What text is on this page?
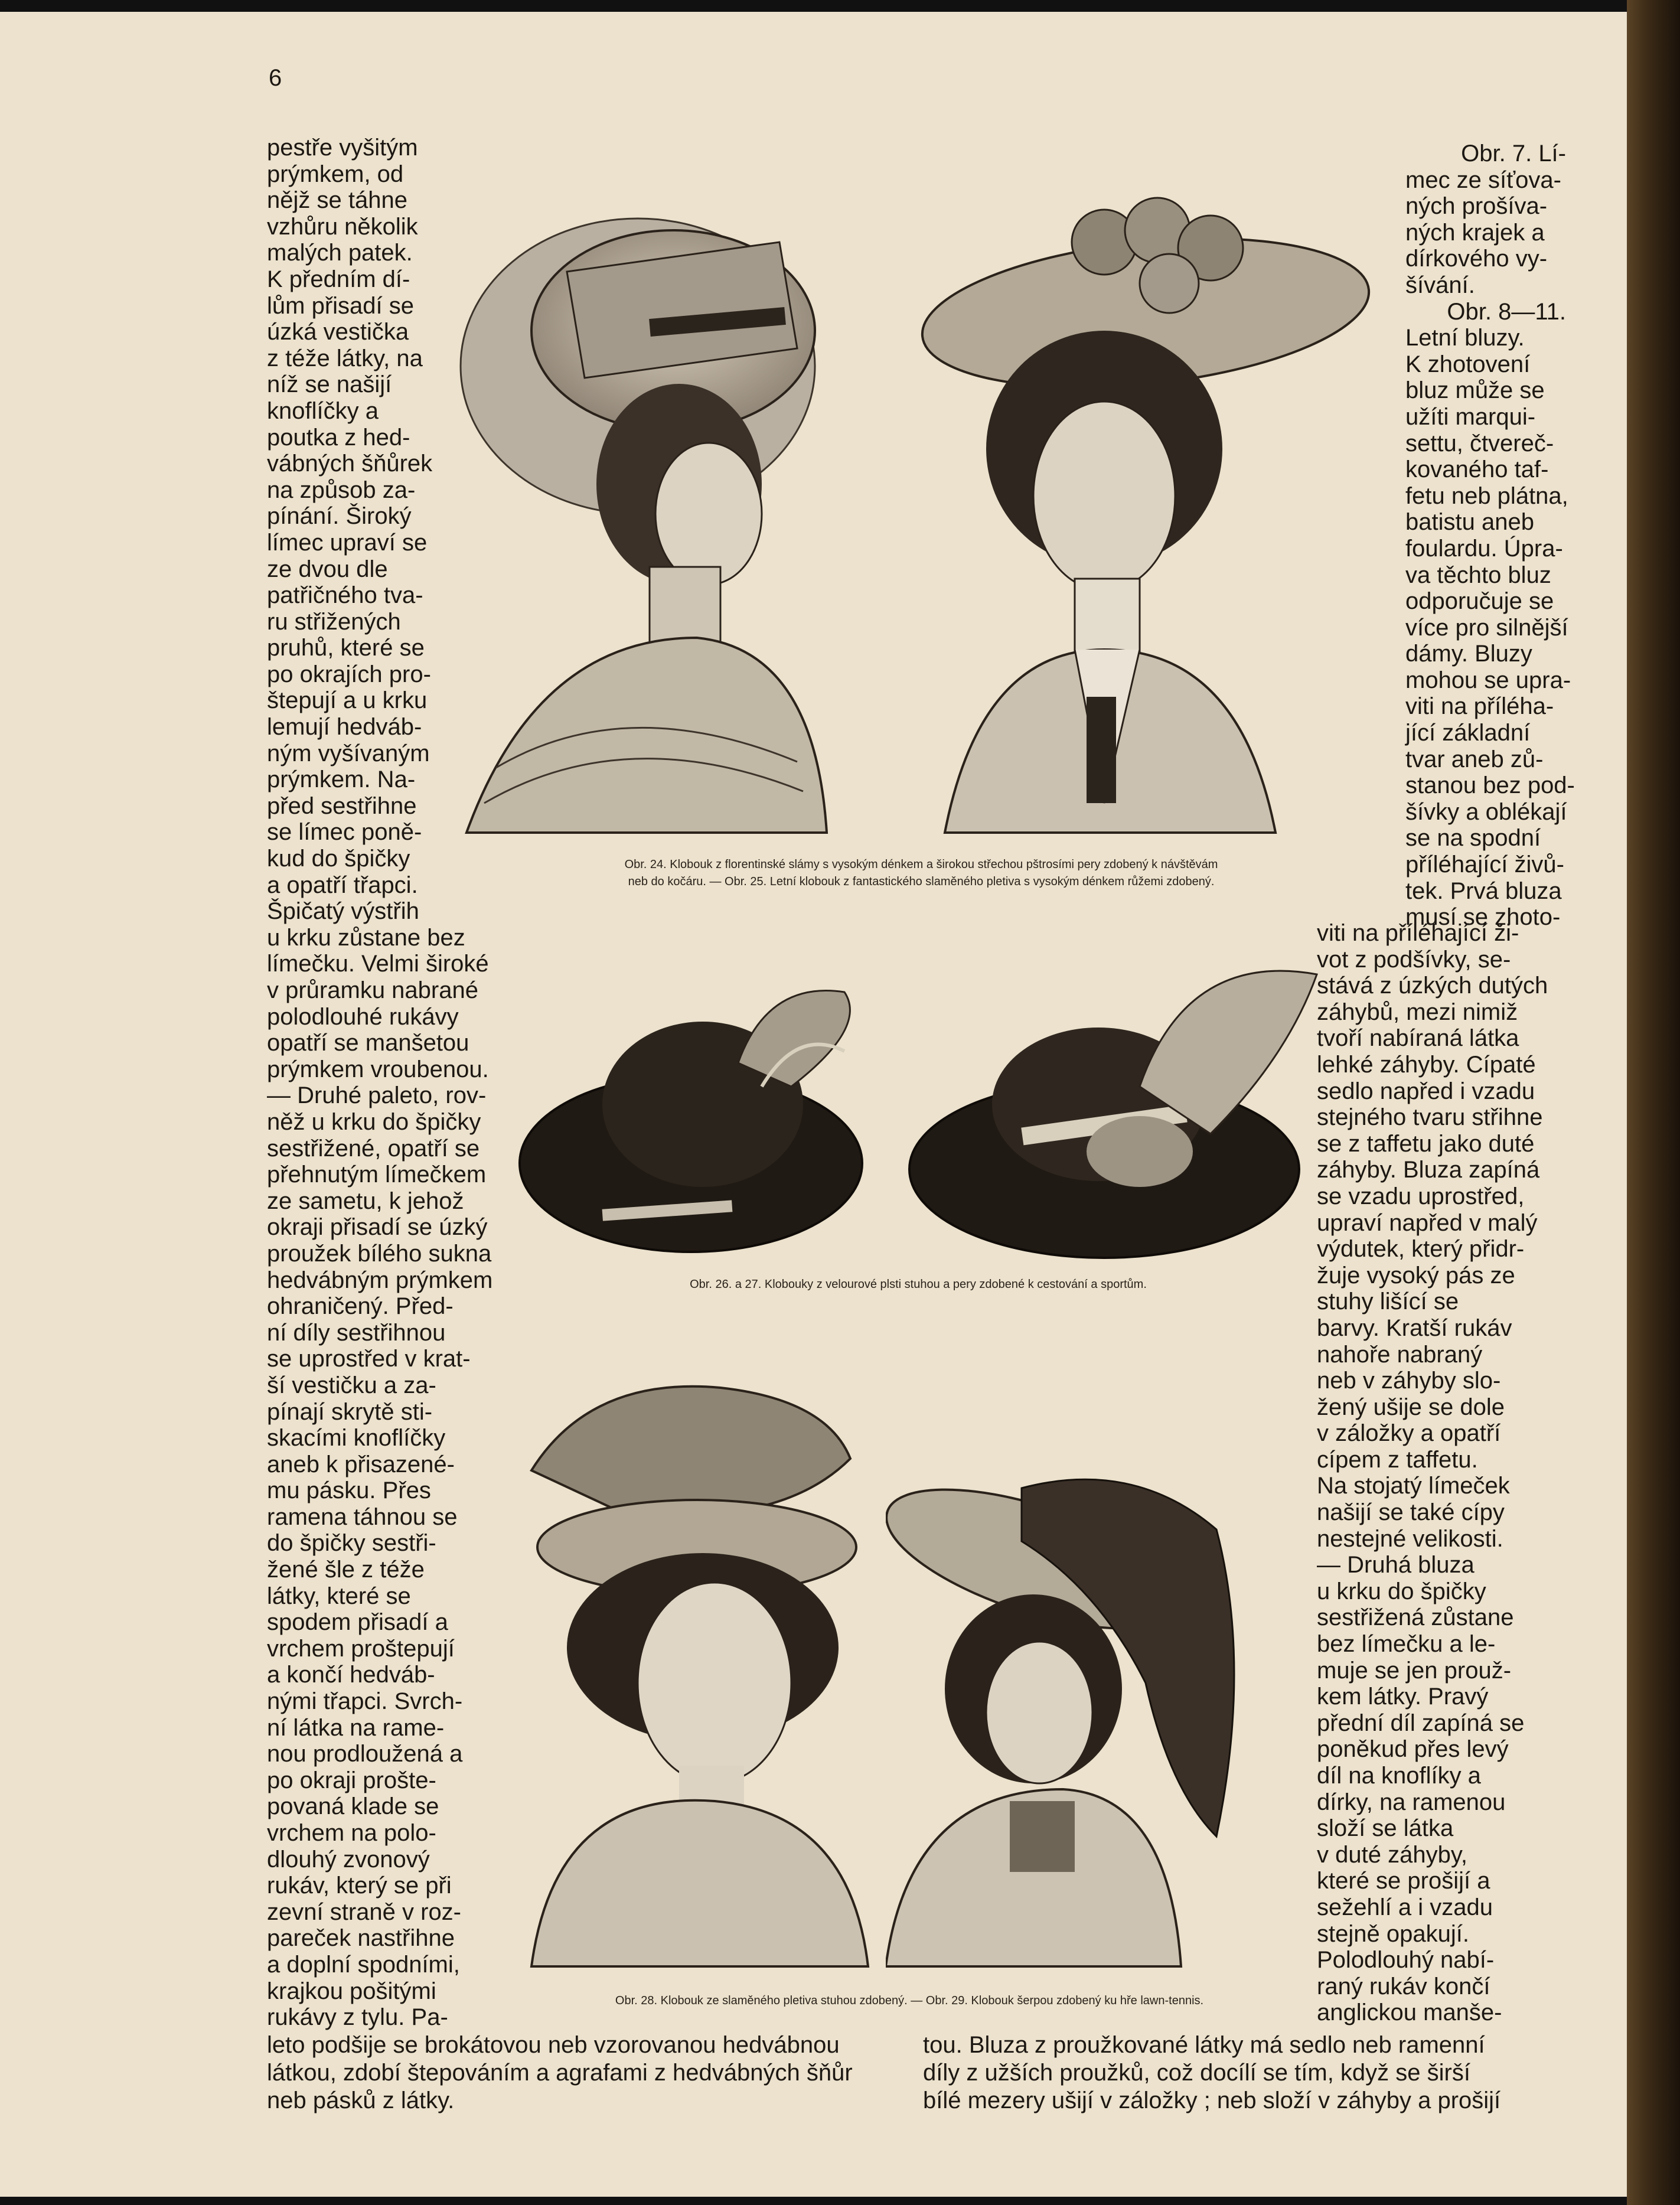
6
pestře vyšitým
prýmkem, od
nějž se táhne
vzhůru několik
malých patek.
K předním dí-
lům přisadí se
úzká vestička
z téže látky, na
níž se našijí
knoflíčky a
poutka z hed-
vábných šňůrek
na způsob za-
pínání. Široký
límec upraví se
ze dvou dle
patřičného tva-
ru střižených
pruhů, které se
po okrajích pro-
štepují a u krku
lemují hedváb-
ným vyšívaným
prýmkem. Na-
před sestřihne
se límec poně-
kud do špičky
a opatří třapci.
Špičatý výstřih
u krku zůstane bez
límečku. Velmi široké
v průramku nabrané
polodlouhé rukávy
opatří se manšetou
prýmkem vroubenou.
— Druhé paleto, rov-
něž u krku do špičky
sestřižené, opatří se
přehnutým límečkem
ze sametu, k jehož
okraji přisadí se úzký
proužek bílého sukna
hedvábným prýmkem
ohraničený. Před-
ní díly sestřihnou
se uprostřed v krat-
ší vestičku a za-
pínají skrytě sti-
skacími knoflíčky
aneb k přisazené-
mu pásku. Přes
ramena táhnou se
do špičky sestři-
žené šle z téže
látky, které se
spodem přisadí a
vrchem proštepují
a končí hedváb-
nými třapci. Svrch-
ní látka na rame-
nou prodloužená a
po okraji prošte-
povaná klade se
vrchem na polo-
dlouhý zvonový
rukáv, který se při
zevní straně v roz-
pareček nastřihne
a doplní spodními,
krajkou pošitými
rukávy z tylu. Pa-
Obr. 7. Lí-
mec ze síťova-
ných prošíva-
ných krajek a
dírkového vy-
šívání.
Obr. 8—11.
Letní bluzy.
K zhotovení
bluz může se
užíti marqui-
settu, čtvereč-
kovaného taf-
fetu neb plátna,
batistu aneb
foulardu. Úpra-
va těchto bluz
odporučuje se
více pro silnější
dámy. Bluzy
mohou se upra-
viti na příléha-
jící základní
tvar aneb zů-
stanou bez pod-
šívky a oblékají
se na spodní
příléhající živů-
tek. Prvá bluza
musí se zhoto-
viti na příléhající ži-
vot z podšívky, se-
stává z úzkých dutých
záhybů, mezi nimiž
tvoří nabíraná látka
lehké záhyby. Cípaté
sedlo napřed i vzadu
stejného tvaru střihne
se z taffetu jako duté
záhyby. Bluza zapíná
se vzadu uprostřed,
upraví napřed v malý
výdutek, který přidr-
žuje vysoký pás ze
stuhy lišící se
barvy. Kratší rukáv
nahoře nabraný
neb v záhyby slo-
žený ušije se dole
v záložky a opatří
cípem z taffetu.
Na stojatý límeček
našijí se také cípy
nestejné velikosti.
— Druhá bluza
u krku do špičky
sestřižená zůstane
bez límečku a le-
muje se jen prouž-
kem látky. Pravý
přední díl zapíná se
poněkud přes levý
díl na knoflíky a
dírky, na ramenou
složí se látka
v duté záhyby,
které se prošijí a
sežehlí a i vzadu
stejně opakují.
Polodlouhý nabí-
raný rukáv končí
anglickou manše-
leto podšije se brokátovou neb vzorovanou hedvábnou
látkou, zdobí štepováním a agrafami z hedvábných šňůr
neb pásků z látky.
tou. Bluza z proužkované látky má sedlo neb ramenní
díly z užších proužků, což docílí se tím, když se širší
bílé mezery ušijí v záložky ; neb složí v záhyby a prošijí
Obr. 24. Klobouk z florentinské slámy s vysokým dénkem a širokou střechou pštrosími pery zdobený k návštěvám
neb do kočáru. — Obr. 25. Letní klobouk z fantastického slaměného pletiva s vysokým dénkem růžemi zdobený.
Obr. 26. a 27. Klobouky z velourové plsti stuhou a pery zdobené k cestování a sportům.
Obr. 28. Klobouk ze slaměného pletiva stuhou zdobený. — Obr. 29. Klobouk šerpou zdobený ku hře lawn-tennis.
